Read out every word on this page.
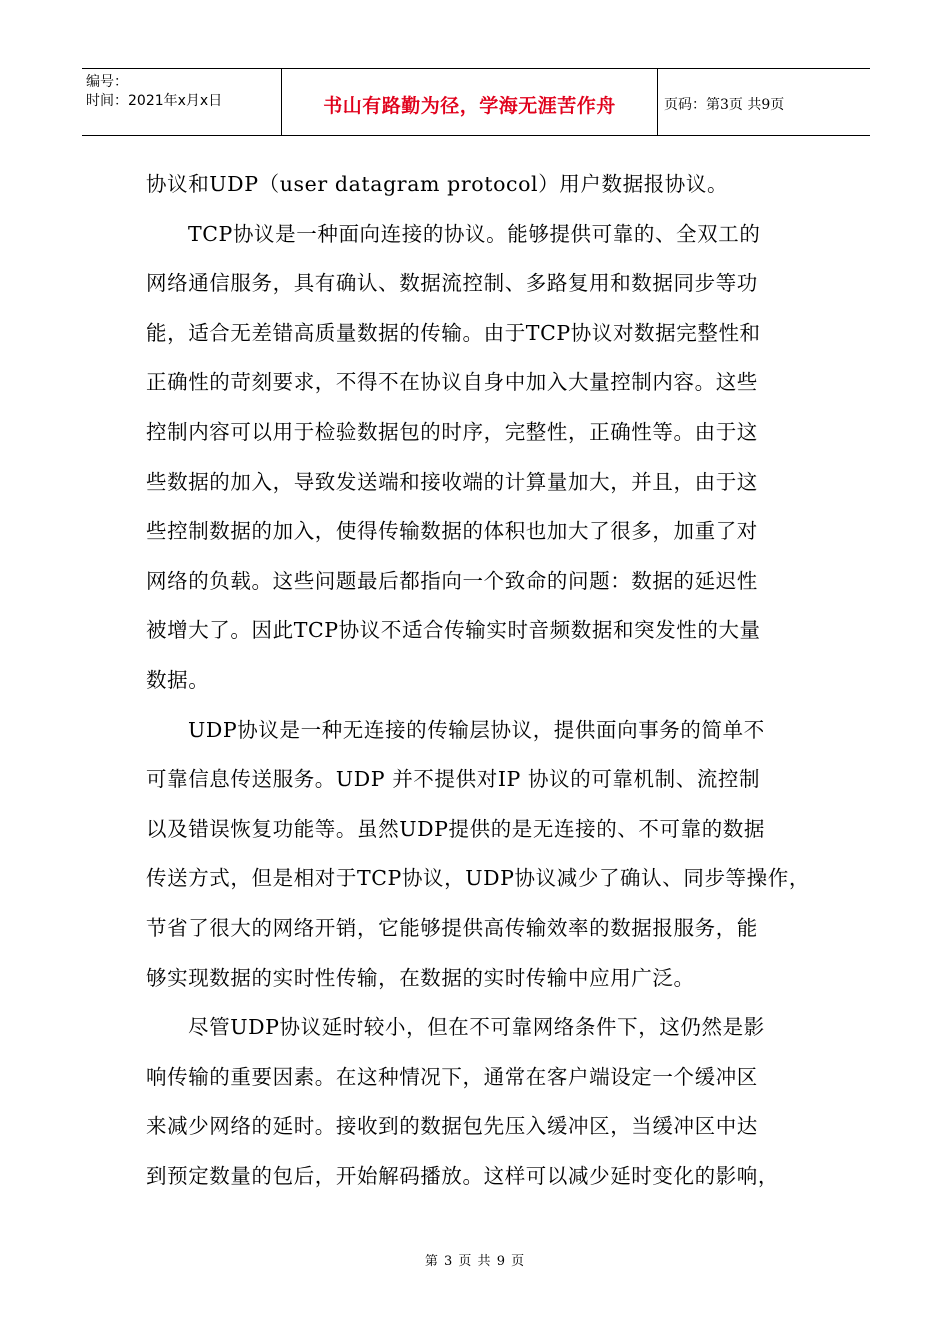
编号：
时间：2021年x月x日	书山有路勤为径，学海无涯苦作舟	页码：第3页 共9页
协议和UDP（user datagram protocol）用户数据报协议。
TCP协议是一种面向连接的协议。能够提供可靠的、全双工的
网络通信服务，具有确认、数据流控制、多路复用和数据同步等功
能，适合无差错高质量数据的传输。由于TCP协议对数据完整性和
正确性的苛刻要求，不得不在协议自身中加入大量控制内容。这些
控制内容可以用于检验数据包的时序，完整性，正确性等。由于这
些数据的加入，导致发送端和接收端的计算量加大，并且，由于这
些控制数据的加入，使得传输数据的体积也加大了很多，加重了对
网络的负载。这些问题最后都指向一个致命的问题：数据的延迟性
被增大了。因此TCP协议不适合传输实时音频数据和突发性的大量
数据。
UDP协议是一种无连接的传输层协议，提供面向事务的简单不
可靠信息传送服务。UDP 并不提供对IP 协议的可靠机制、流控制
以及错误恢复功能等。虽然UDP提供的是无连接的、不可靠的数据
传送方式，但是相对于TCP协议，UDP协议减少了确认、同步等操作，
节省了很大的网络开销，它能够提供高传输效率的数据报服务，能
够实现数据的实时性传输，在数据的实时传输中应用广泛。
尽管UDP协议延时较小，但在不可靠网络条件下，这仍然是影
响传输的重要因素。在这种情况下，通常在客户端设定一个缓冲区
来减少网络的延时。接收到的数据包先压入缓冲区，当缓冲区中达
到预定数量的包后，开始解码播放。这样可以减少延时变化的影响，
第 3 页 共 9 页
